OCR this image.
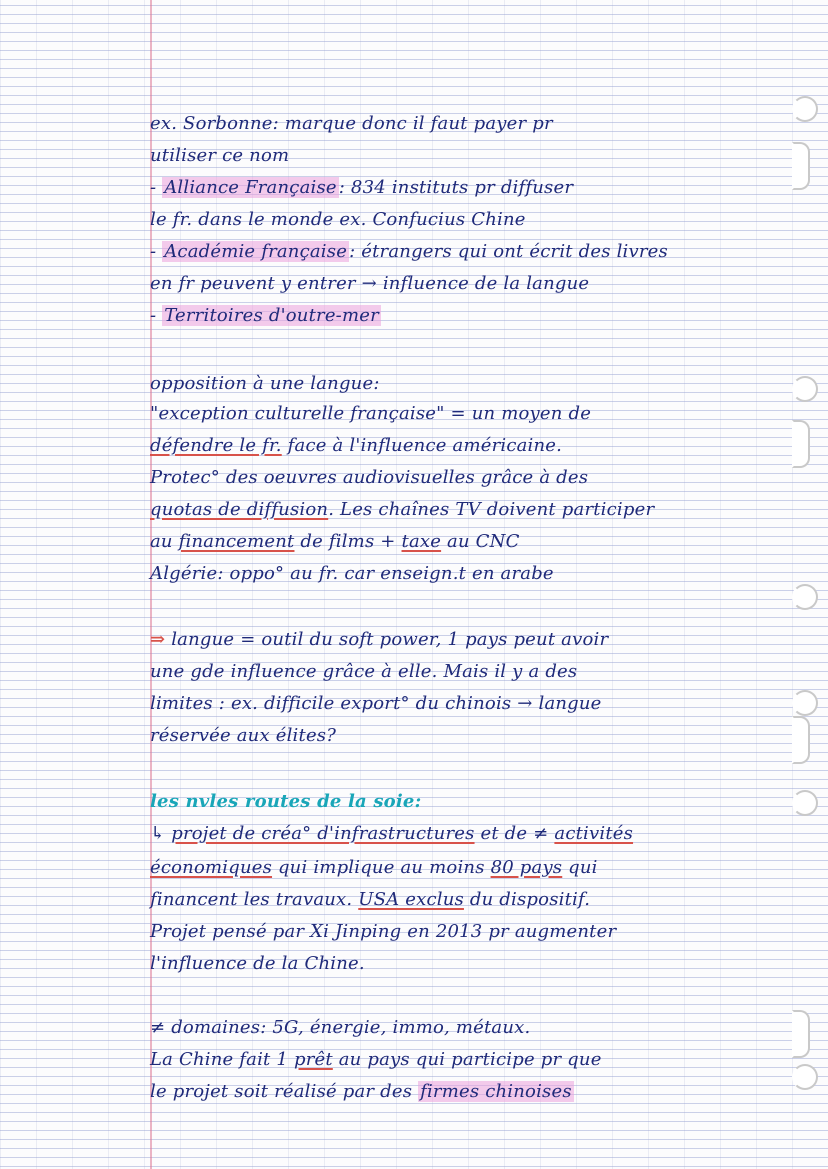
ex. Sorbonne: marque donc il faut payer pr
utiliser ce nom
- Alliance Française : 834 instituts pr diffuser
le fr. dans le monde ex. Confucius Chine
- Académie française : étrangers qui ont écrit des livres
en fr peuvent y entrer → influence de la langue
- Territoires d'outre-mer
opposition à une langue:
"exception culturelle française" = un moyen de
défendre le fr. face à l'influence américaine.
Protec° des oeuvres audiovisuelles grâce à des
quotas de diffusion. Les chaînes TV doivent participer
au financement de films + taxe au CNC
Algérie: oppo° au fr. car enseign.t en arabe
⇒ langue = outil du soft power, 1 pays peut avoir
une gde influence grâce à elle. Mais il y a des
limites : ex. difficile export° du chinois → langue
réservée aux élites?
les nvles routes de la soie:
↳ projet de créa° d'infrastructures et de ≠ activités
économiques qui implique au moins 80 pays qui
financent les travaux. USA exclus du dispositif.
Projet pensé par Xi Jinping en 2013 pr augmenter
l'influence de la Chine.
≠ domaines: 5G, énergie, immo, métaux.
La Chine fait 1 prêt au pays qui participe pr que
le projet soit réalisé par des firmes chinoises
